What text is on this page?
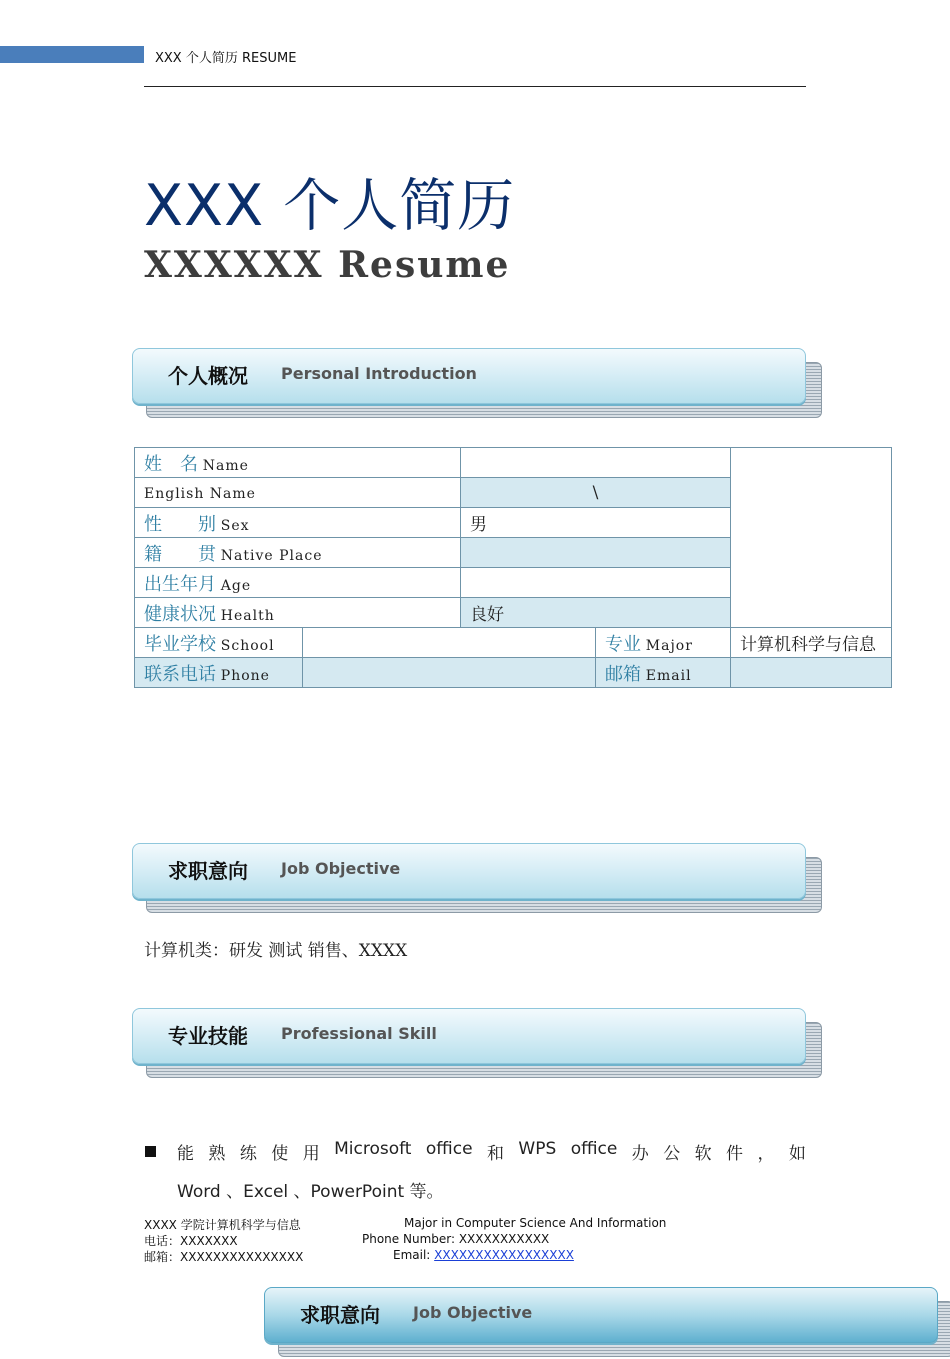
XXX 个人简历 RESUME
XXX 个人简历
XXXXXX Resume
个人概况 Personal Introduction
姓　名 Name				
English Name		\		
性　　别 Sex		男		
籍　　贯 Native Place				
出生年月 Age				
健康状况 Health		良好		
毕业学校 School			专业 Major	计算机科学与信息
联系电话 Phone			邮箱 Email	
求职意向 Job Objective
计算机类：研发 测试 销售、XXXX
专业技能 Professional Skill
能 熟 练 使 用 Microsoft office 和 WPS office 办 公 软 件 ， 如
Word 、Excel 、PowerPoint 等。
XXXX 学院计算机科学与信息	Major in Computer Science And Information
电话：XXXXXXX	Phone Number: XXXXXXXXXXX
邮箱：XXXXXXXXXXXXXXX	Email: XXXXXXXXXXXXXXXXX
求职意向 Job Objective
